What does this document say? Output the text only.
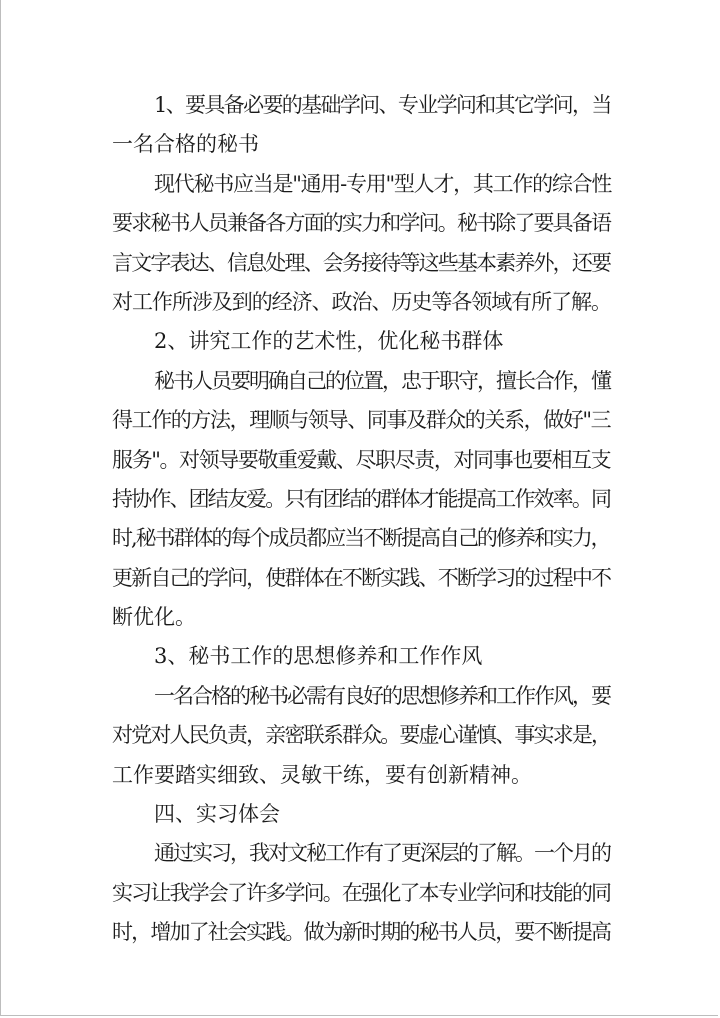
1、要具备必要的基础学问、专业学问和其它学问，当
一名合格的秘书
现代秘书应当是"通用-专用"型人才，其工作的综合性
要求秘书人员兼备各方面的实力和学问。秘书除了要具备语
言文字表达、信息处理、会务接待等这些基本素养外，还要
对工作所涉及到的经济、政治、历史等各领域有所了解。
2、讲究工作的艺术性，优化秘书群体
秘书人员要明确自己的位置，忠于职守，擅长合作，懂
得工作的方法，理顺与领导、同事及群众的关系，做好"三
服务"。对领导要敬重爱戴、尽职尽责，对同事也要相互支
持协作、团结友爱。只有团结的群体才能提高工作效率。同
时,秘书群体的每个成员都应当不断提高自己的修养和实力，
更新自己的学问，使群体在不断实践、不断学习的过程中不
断优化。
3、秘书工作的思想修养和工作作风
一名合格的秘书必需有良好的思想修养和工作作风，要
对党对人民负责，亲密联系群众。要虚心谨慎、事实求是，
工作要踏实细致、灵敏干练，要有创新精神。
四、实习体会
通过实习，我对文秘工作有了更深层的了解。一个月的
实习让我学会了许多学问。在强化了本专业学问和技能的同
时，增加了社会实践。做为新时期的秘书人员，要不断提高
